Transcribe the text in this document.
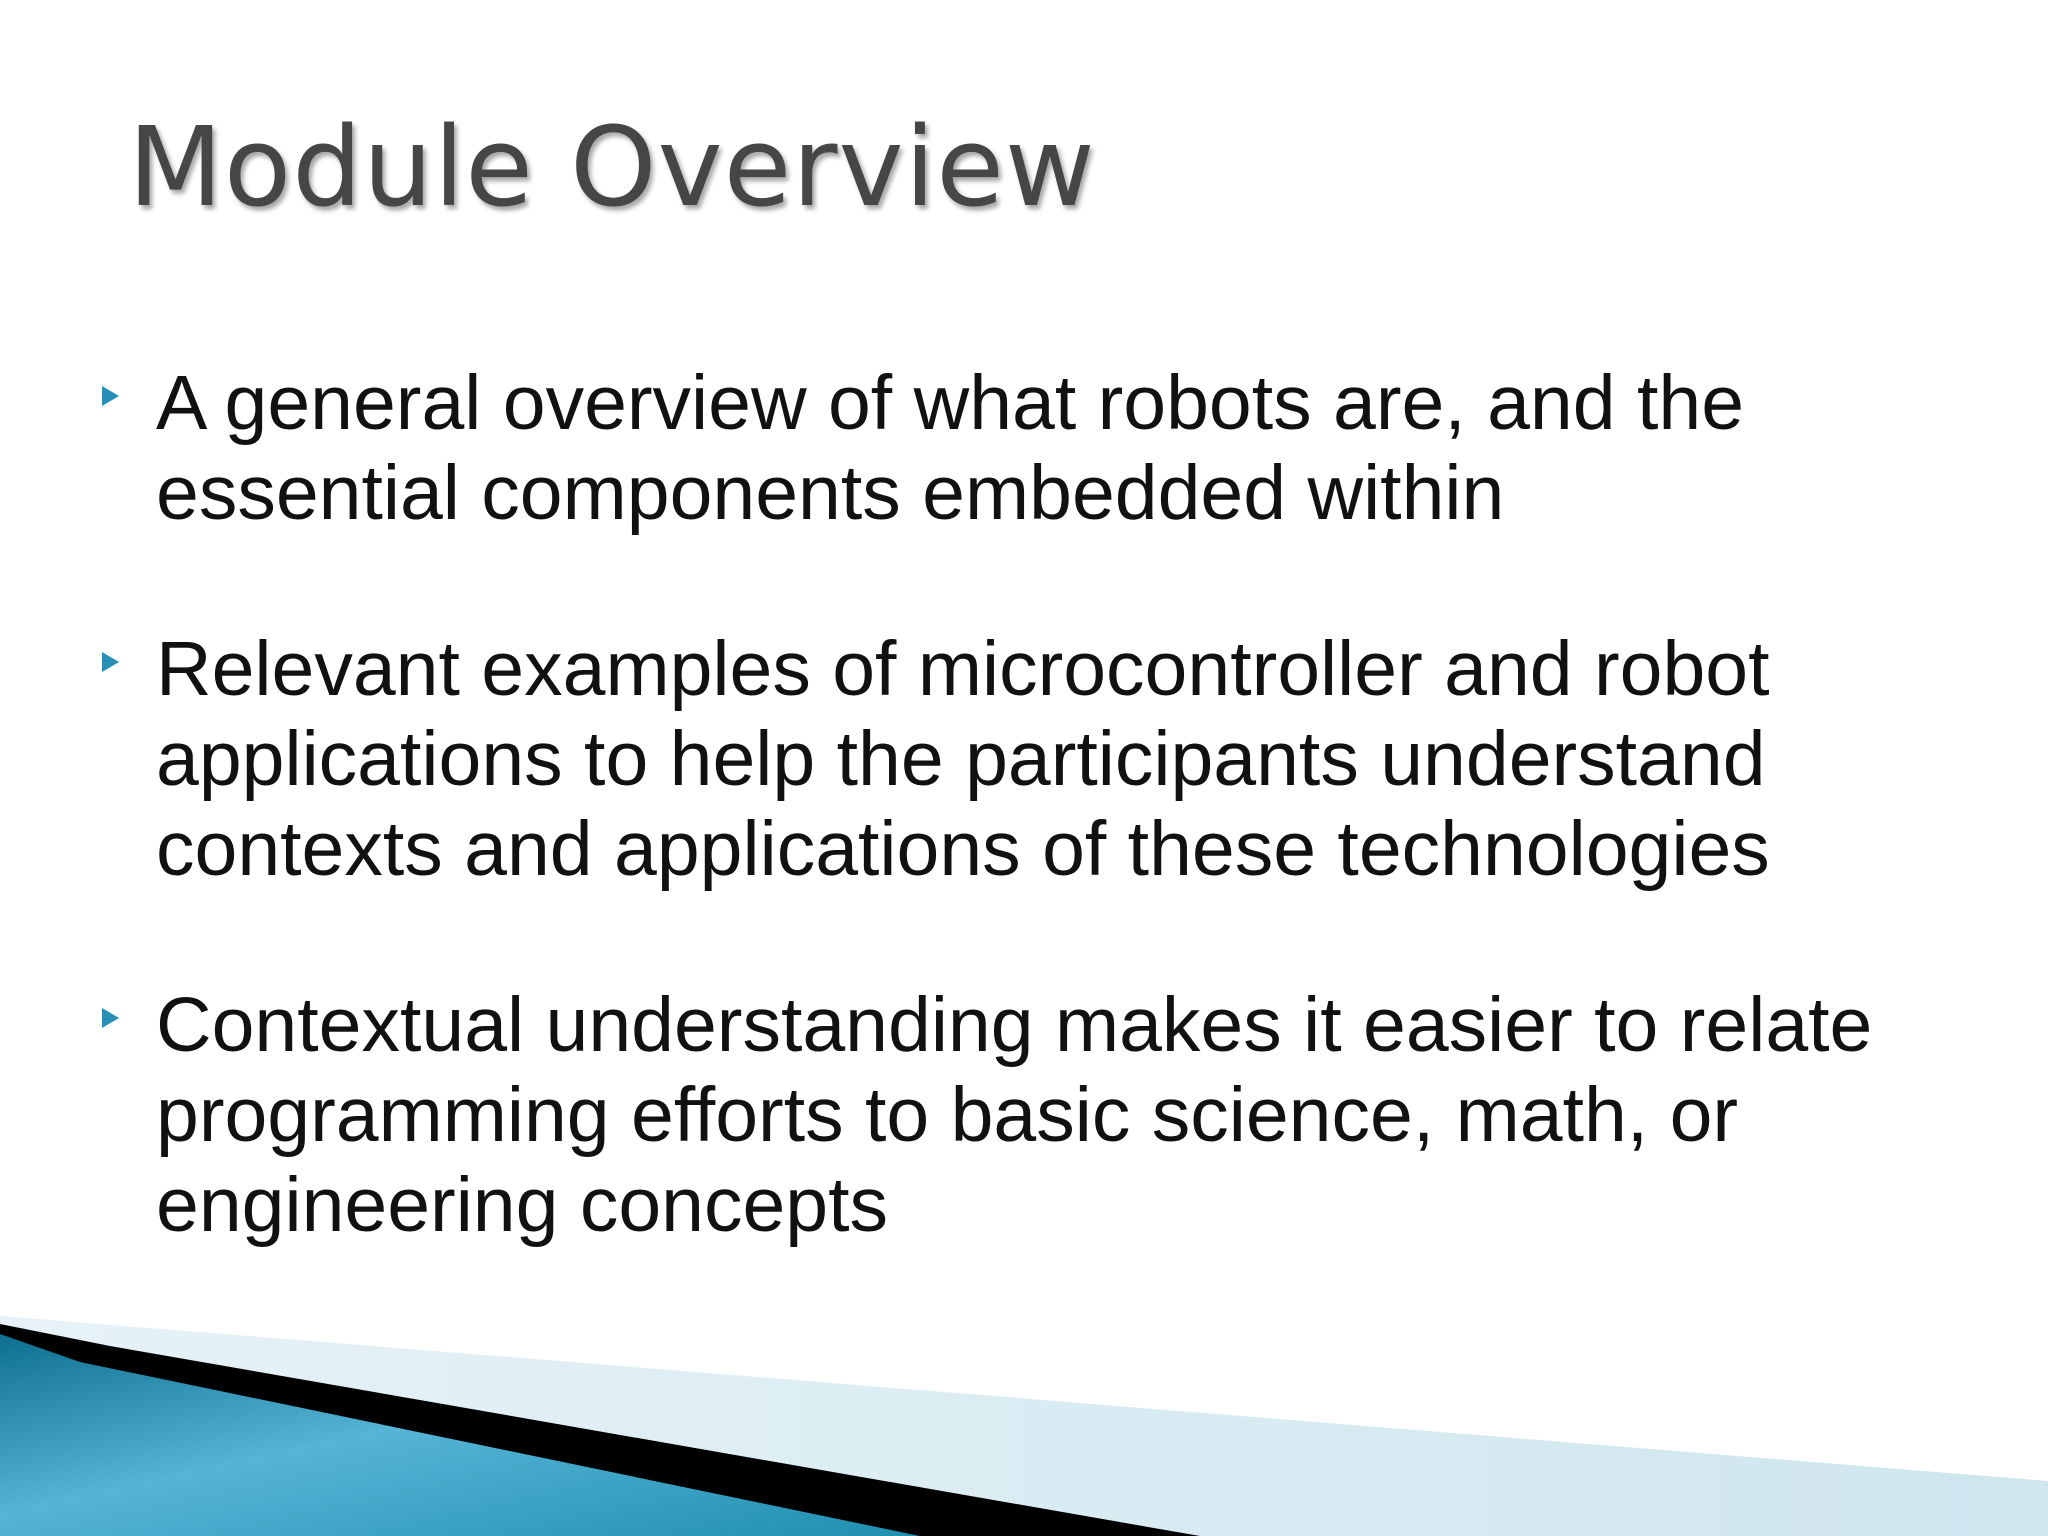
Module Overview
A general overview of what robots are, and the
essential components embedded within
Relevant examples of microcontroller and robot
applications to help the participants understand
contexts and applications of these technologies
Contextual understanding makes it easier to relate
programming efforts to basic science, math, or
engineering concepts
